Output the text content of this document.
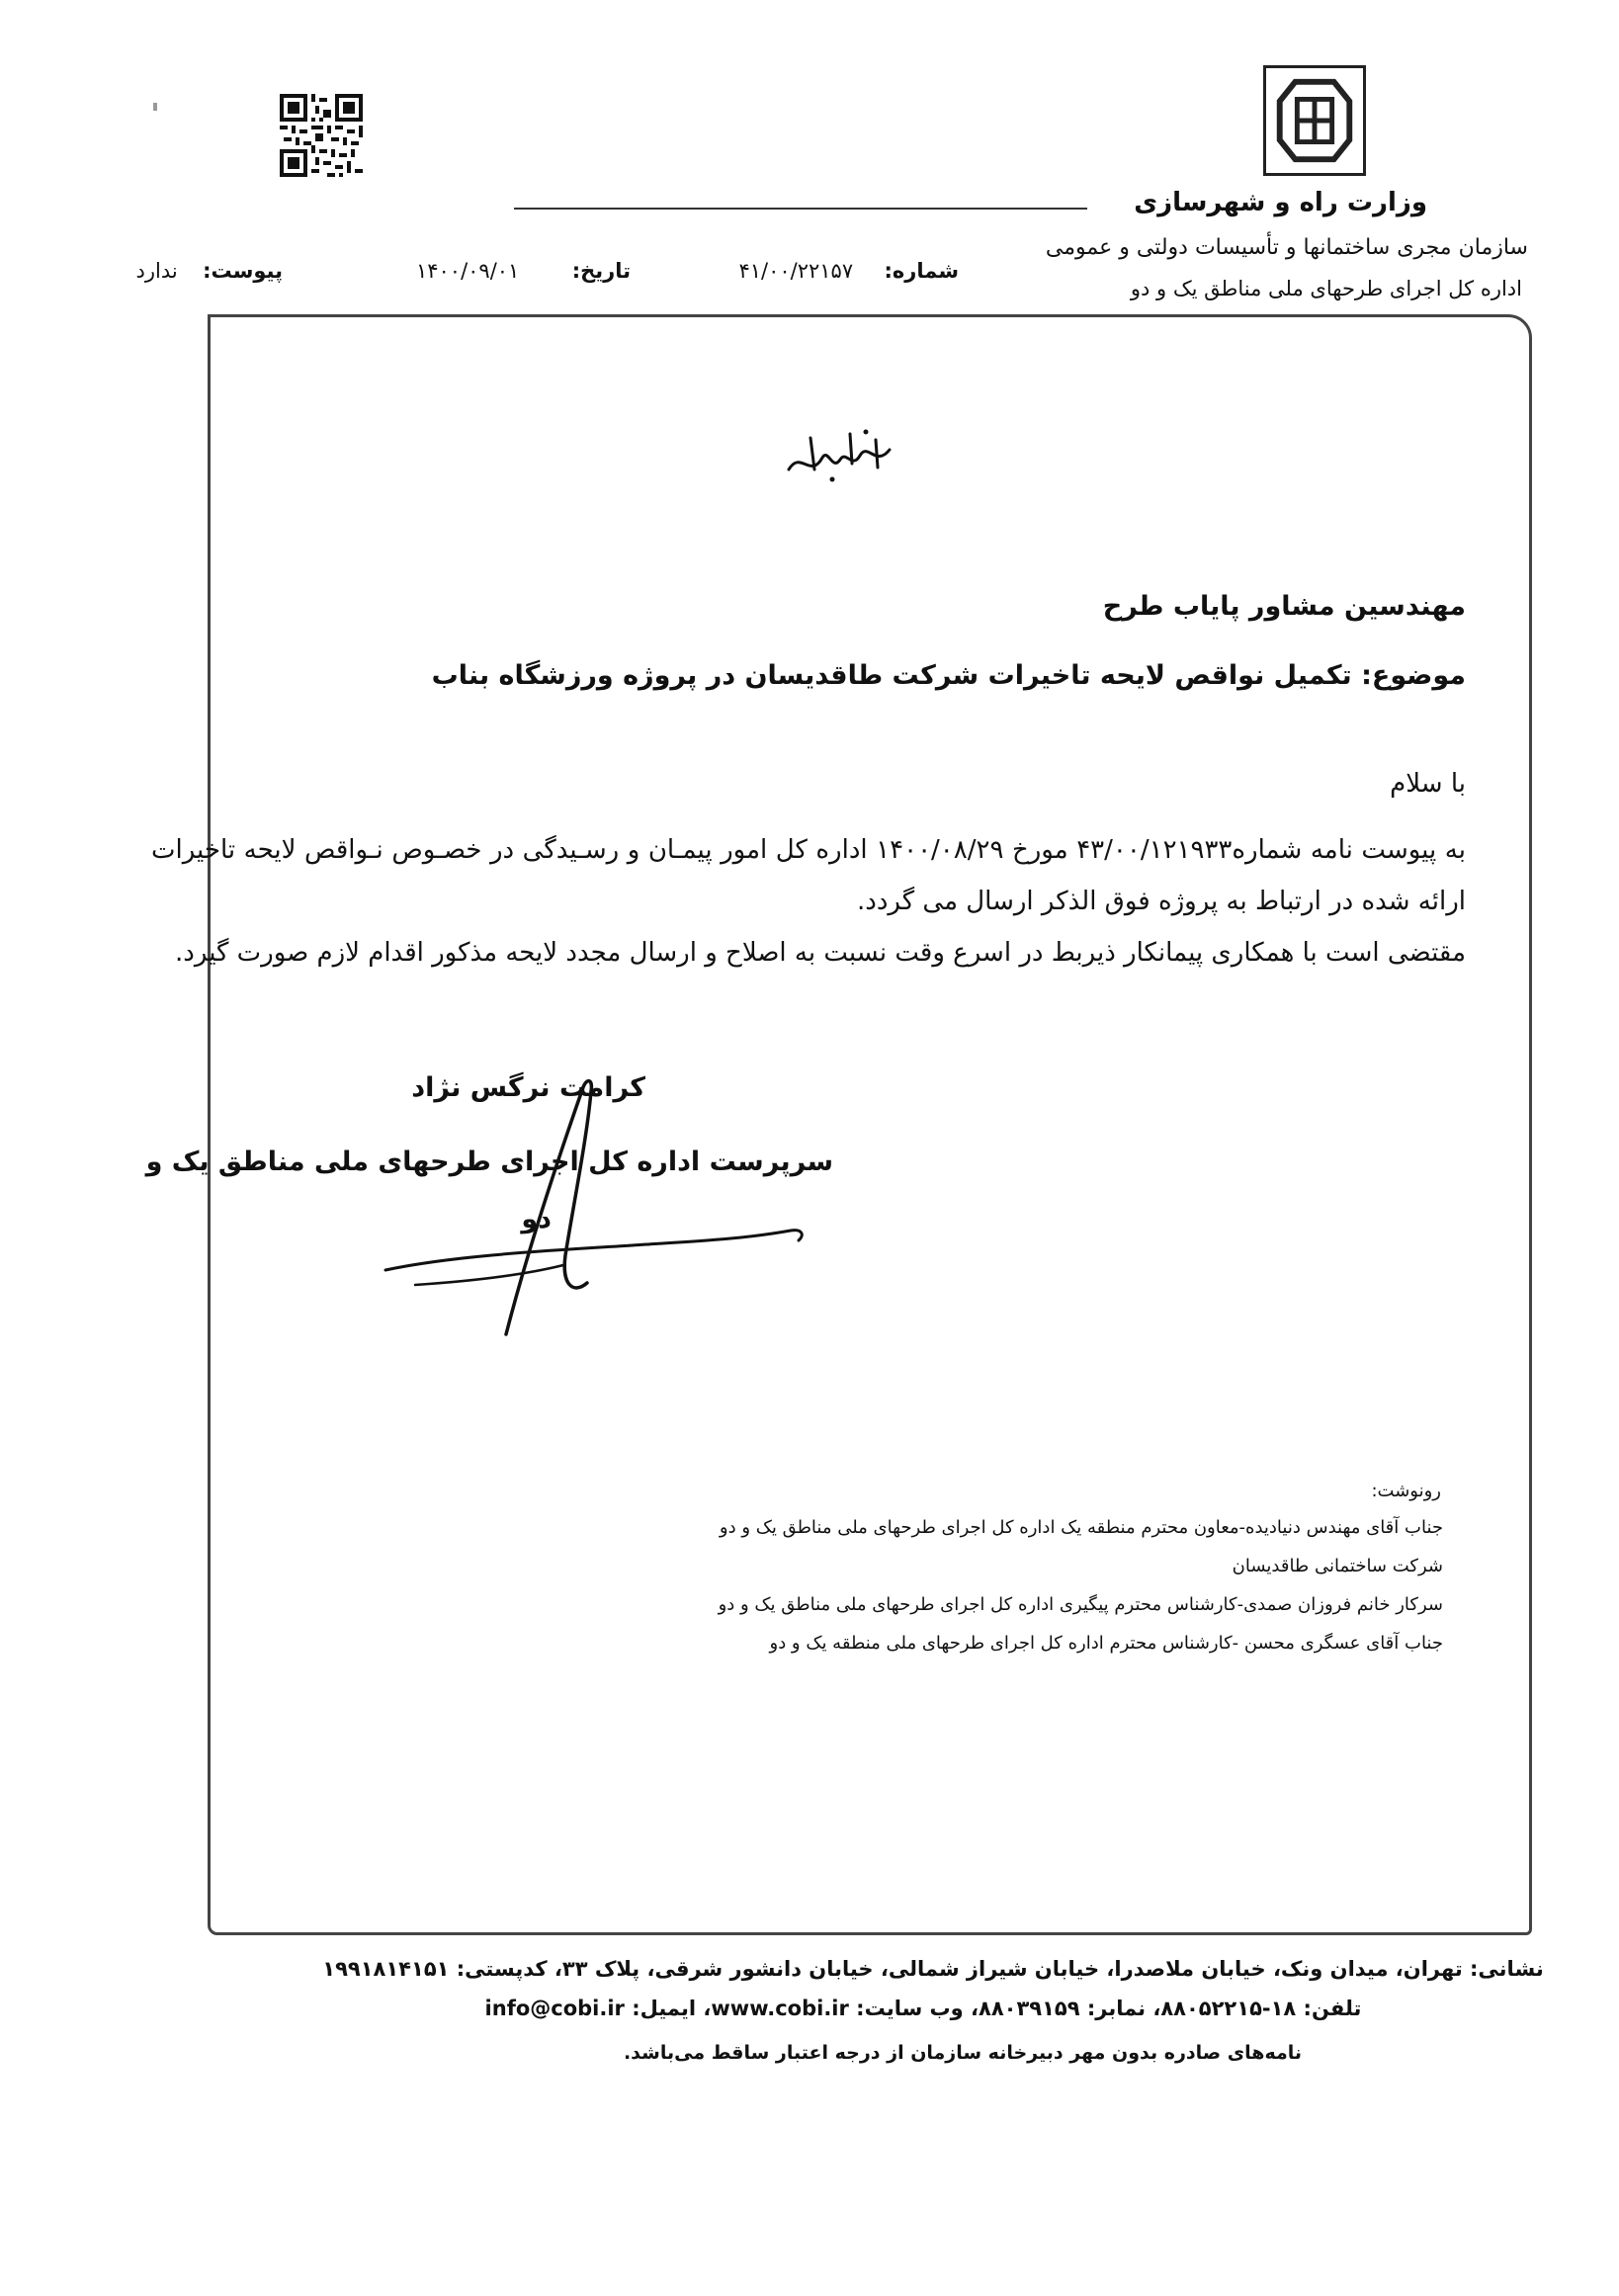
وزارت راه و شهرسازی
سازمان مجری ساختمانها و تأسیسات دولتی و عمومی
اداره کل اجرای طرحهای ملی مناطق یک و دو
شماره:  ۴۱/۰۰/۲۲۱۵۷
تاریخ:  ۱۴۰۰/۰۹/۰۱
پیوست:  ندارد
مهندسین مشاور پایاب طرح
موضوع: تکمیل نواقص لایحه تاخیرات شرکت طاقدیسان در پروژه ورزشگاه بناب
با سلام
به پیوست نامه شماره۴۳/۰۰/۱۲۱۹۳۳ مورخ ۱۴۰۰/۰۸/۲۹ اداره کل امور پیمـان و رسـیدگی در خصـوص نـواقص لایحه تاخیرات ارائه شده در ارتباط به پروژه فوق الذکر ارسال می گردد.
مقتضی است با همکاری پیمانکار ذیربط در اسرع وقت نسبت به اصلاح و ارسال مجدد لایحه مذکور اقدام لازم صورت گیرد.
کرامت نرگس نژاد
سرپرست اداره کل اجرای طرحهای ملی مناطق یک و
دو
رونوشت:
جناب آقای مهندس دنیادیده-معاون محترم منطقه یک اداره کل اجرای طرحهای ملی مناطق یک و دو
شرکت ساختمانی طاقدیسان
سرکار خانم فروزان صمدی-کارشناس محترم پیگیری اداره کل اجرای طرحهای ملی مناطق یک و دو
جناب آقای عسگری محسن -کارشناس محترم اداره کل اجرای طرحهای ملی منطقه یک و دو
نشانی: تهران، میدان ونک، خیابان ملاصدرا، خیابان شیراز شمالی، خیابان دانشور شرقی، پلاک ۳۳، کدپستی: ۱۹۹۱۸۱۴۱۵۱
تلفن: ۱۸-۸۸۰۵۲۲۱۵، نمابر: ۸۸۰۳۹۱۵۹، وب سایت: www.cobi.ir، ایمیل: info@cobi.ir
نامه‌های صادره بدون مهر دبیرخانه سازمان از درجه اعتبار ساقط می‌باشد.
